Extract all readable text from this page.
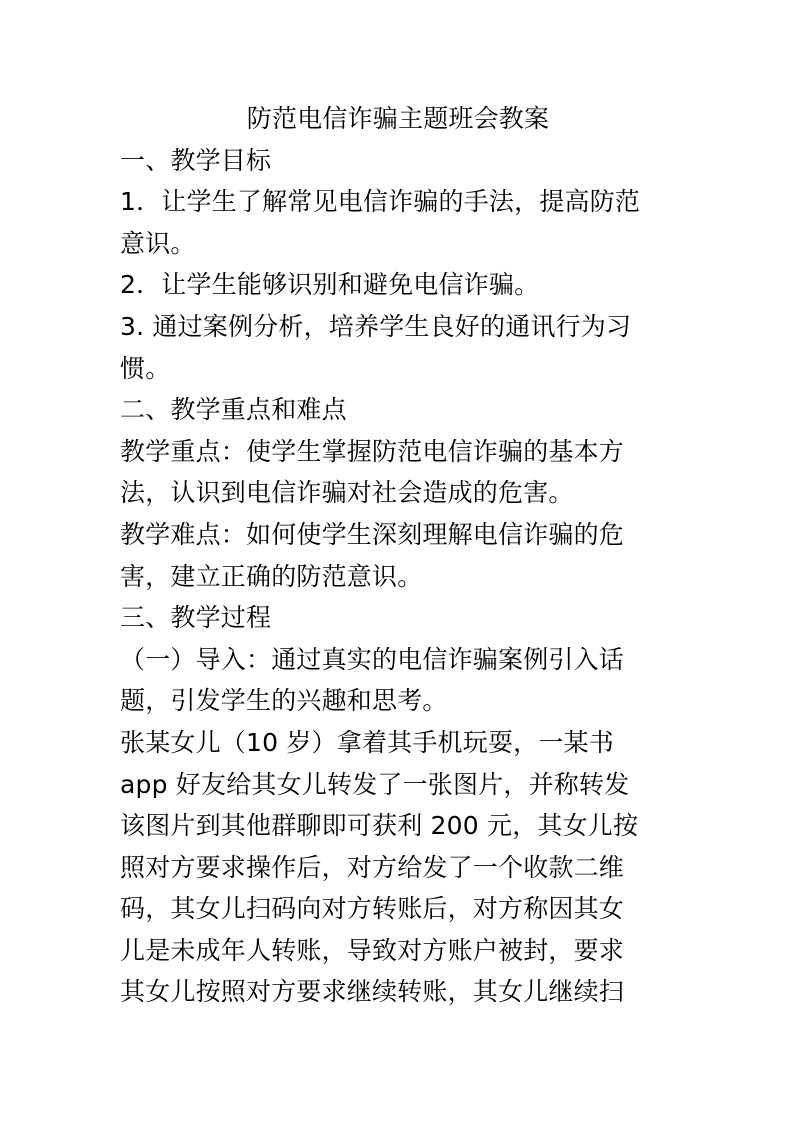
防范电信诈骗主题班会教案

一、教学目标

1．让学生了解常见电信诈骗的手法，提高防范

意识。

2．让学生能够识别和避免电信诈骗。

3. 通过案例分析，培养学生良好的通讯行为习

惯。

二、教学重点和难点

教学重点：使学生掌握防范电信诈骗的基本方

法，认识到电信诈骗对社会造成的危害。

教学难点：如何使学生深刻理解电信诈骗的危

害，建立正确的防范意识。

三、教学过程

（一）导入：通过真实的电信诈骗案例引入话

题，引发学生的兴趣和思考。

张某女儿（10 岁）拿着其手机玩耍，一某书

app 好友给其女儿转发了一张图片，并称转发

该图片到其他群聊即可获利 200 元，其女儿按

照对方要求操作后，对方给发了一个收款二维

码，其女儿扫码向对方转账后，对方称因其女

儿是未成年人转账，导致对方账户被封，要求

其女儿按照对方要求继续转账，其女儿继续扫
